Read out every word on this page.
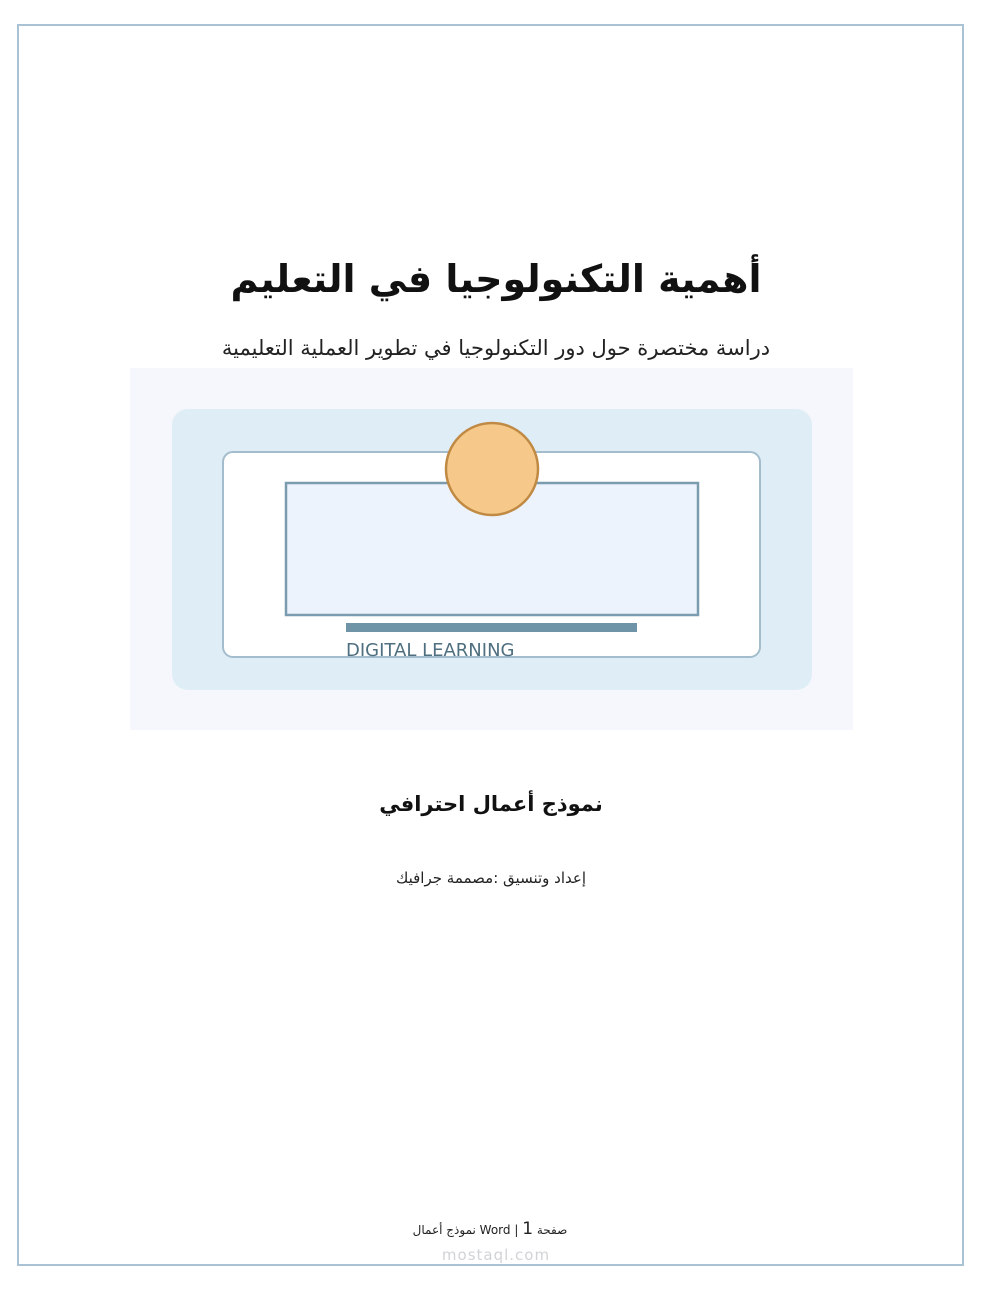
أهمية التكنولوجيا في التعليم
دراسة مختصرة حول دور التكنولوجيا في تطوير العملية التعليمية
DIGITAL LEARNING
نموذج أعمال احترافي
إعداد وتنسيق :مصممة جرافيك
صفحة 1 | Word نموذج أعمال
mostaql.com
